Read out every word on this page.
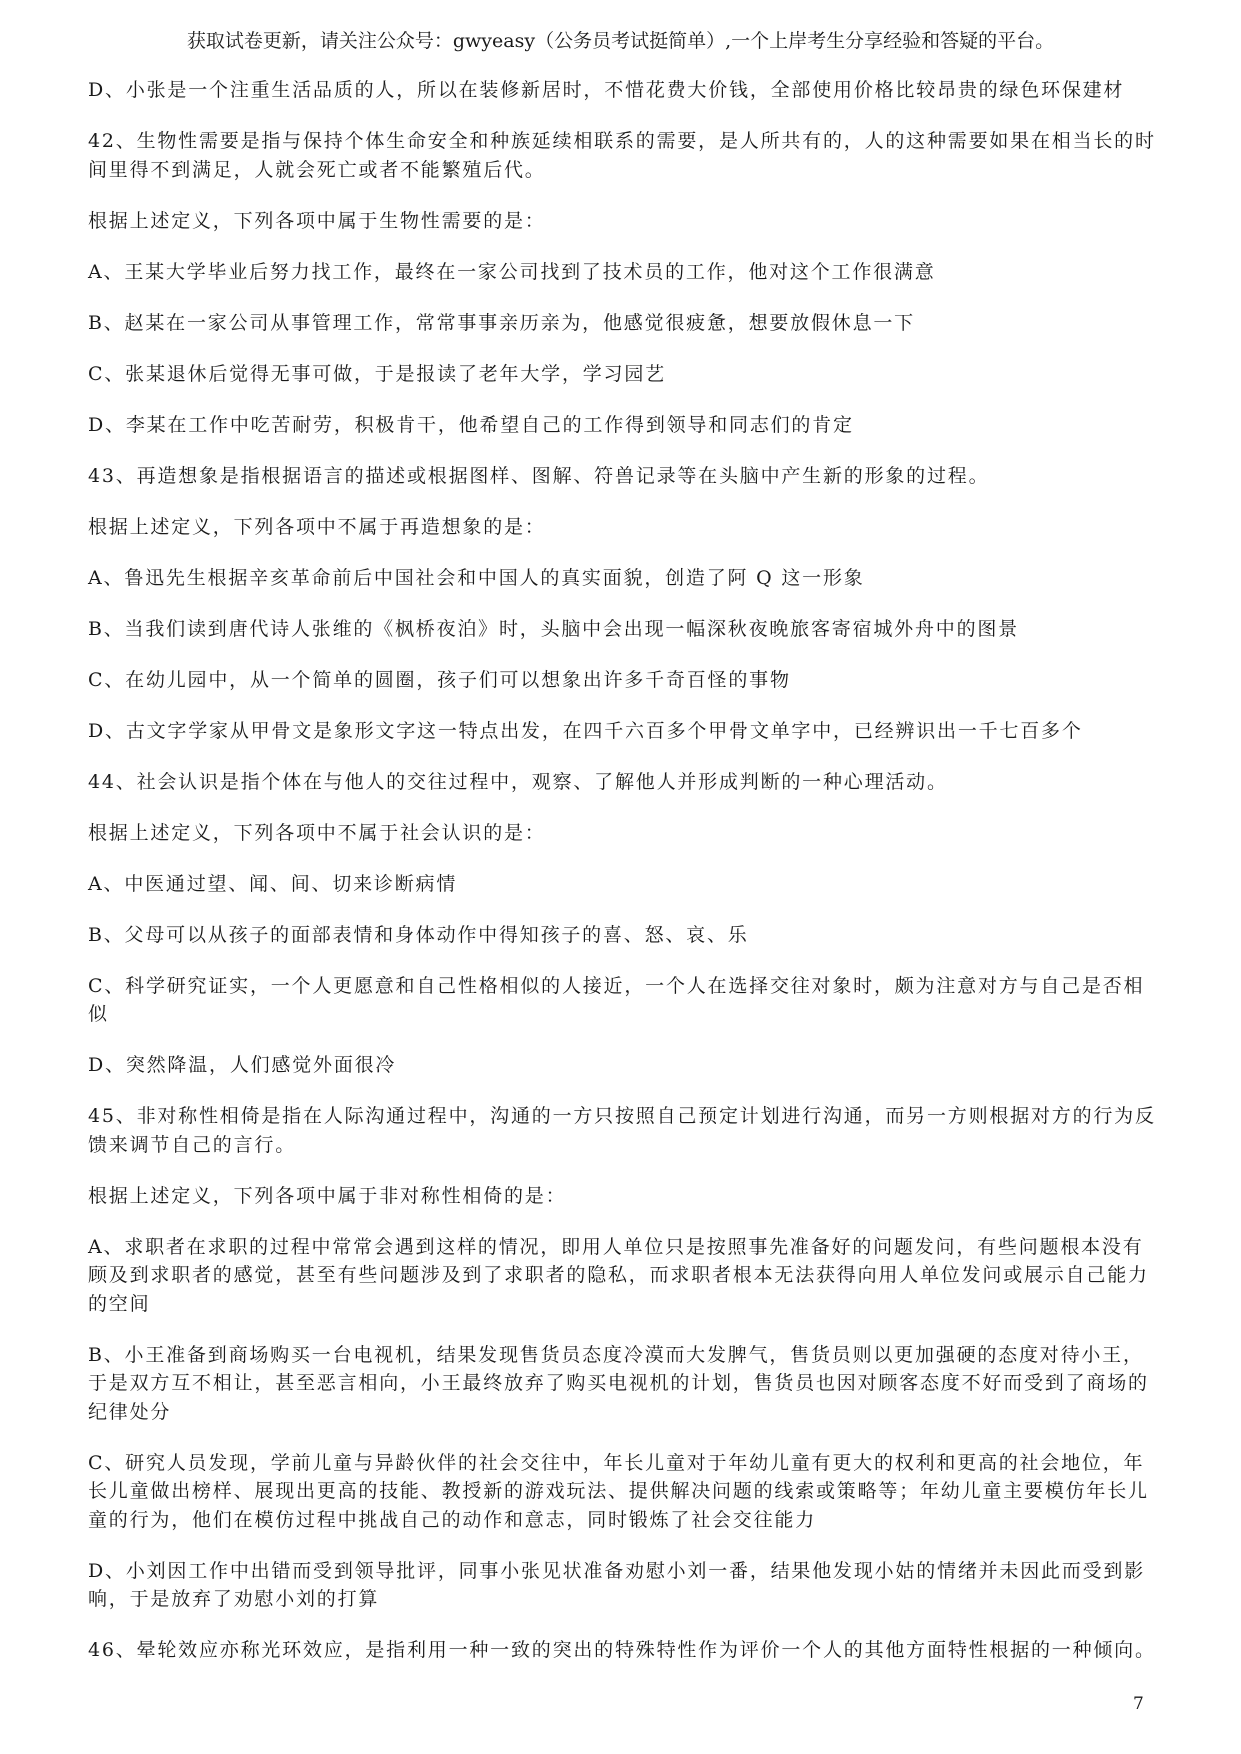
获取试卷更新，请关注公众号：gwyeasy（公务员考试挺简单）,一个上岸考生分享经验和答疑的平台。

D、小张是一个注重生活品质的人，所以在装修新居时，不惜花费大价钱，全部使用价格比较昂贵的绿色环保建材

42、生物性需要是指与保持个体生命安全和种族延续相联系的需要，是人所共有的，人的这种需要如果在相当长的时间里得不到满足，人就会死亡或者不能繁殖后代。

根据上述定义，下列各项中属于生物性需要的是：

A、王某大学毕业后努力找工作，最终在一家公司找到了技术员的工作，他对这个工作很满意

B、赵某在一家公司从事管理工作，常常事事亲历亲为，他感觉很疲惫，想要放假休息一下

C、张某退休后觉得无事可做，于是报读了老年大学，学习园艺

D、李某在工作中吃苦耐劳，积极肯干，他希望自己的工作得到领导和同志们的肯定

43、再造想象是指根据语言的描述或根据图样、图解、符兽记录等在头脑中产生新的形象的过程。

根据上述定义，下列各项中不属于再造想象的是：

A、鲁迅先生根据辛亥革命前后中国社会和中国人的真实面貌，创造了阿 Q 这一形象

B、当我们读到唐代诗人张维的《枫桥夜泊》时，头脑中会出现一幅深秋夜晚旅客寄宿城外舟中的图景

C、在幼儿园中，从一个简单的圆圈，孩子们可以想象出许多千奇百怪的事物

D、古文字学家从甲骨文是象形文字这一特点出发，在四千六百多个甲骨文单字中，已经辨识出一千七百多个

44、社会认识是指个体在与他人的交往过程中，观察、了解他人并形成判断的一种心理活动。

根据上述定义，下列各项中不属于社会认识的是：

A、中医通过望、闻、间、切来诊断病情

B、父母可以从孩子的面部表情和身体动作中得知孩子的喜、怒、哀、乐

C、科学研究证实，一个人更愿意和自己性格相似的人接近，一个人在选择交往对象时，颇为注意对方与自己是否相似

D、突然降温，人们感觉外面很冷

45、非对称性相倚是指在人际沟通过程中，沟通的一方只按照自己预定计划进行沟通，而另一方则根据对方的行为反馈来调节自己的言行。

根据上述定义，下列各项中属于非对称性相倚的是：

A、求职者在求职的过程中常常会遇到这样的情况，即用人单位只是按照事先准备好的问题发问，有些问题根本没有顾及到求职者的感觉，甚至有些问题涉及到了求职者的隐私，而求职者根本无法获得向用人单位发问或展示自己能力的空间

B、小王准备到商场购买一台电视机，结果发现售货员态度冷漠而大发脾气，售货员则以更加强硬的态度对待小王，于是双方互不相让，甚至恶言相向，小王最终放弃了购买电视机的计划，售货员也因对顾客态度不好而受到了商场的纪律处分

C、研究人员发现，学前儿童与异龄伙伴的社会交往中，年长儿童对于年幼儿童有更大的权利和更高的社会地位，年长儿童做出榜样、展现出更高的技能、教授新的游戏玩法、提供解决问题的线索或策略等；年幼儿童主要模仿年长儿童的行为，他们在模仿过程中挑战自己的动作和意志，同时锻炼了社会交往能力

D、小刘因工作中出错而受到领导批评，同事小张见状准备劝慰小刘一番，结果他发现小姑的情绪并未因此而受到影响，于是放弃了劝慰小刘的打算

46、晕轮效应亦称光环效应，是指利用一种一致的突出的特殊特性作为评价一个人的其他方面特性根据的一种倾向。

7
